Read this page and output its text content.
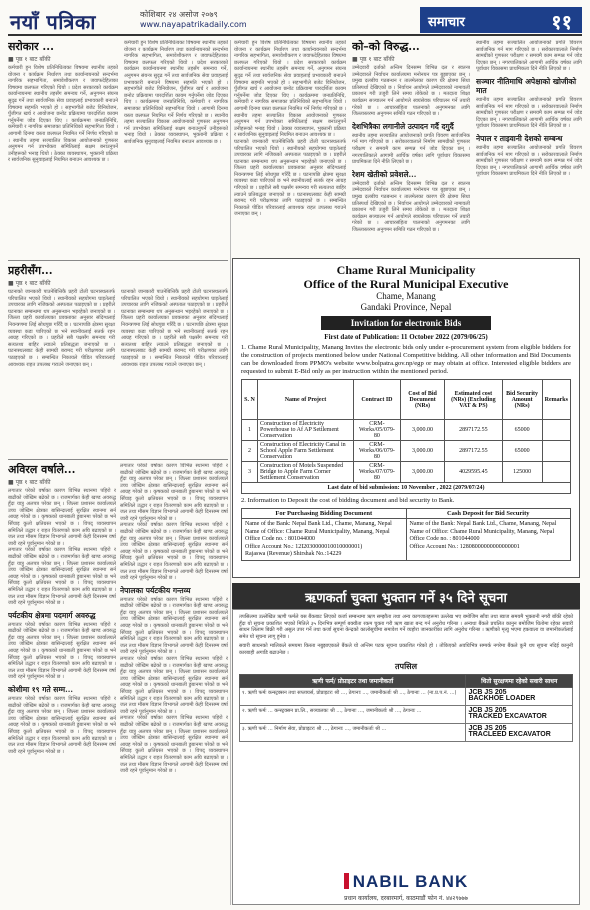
नयाँ पत्रिका	कोशिबार २४ असोज २०७९
www.nayapatrikadaily.com	समाचार	११
सरोकार ...
■ पृष्ठ १ बाट बाँकी
कर्मचारी हुन विशेष प्रतिनिधित्वका विषयमा स्थानीय तहको योजना र कार्यक्रम निर्धारण तथा कार्यान्वयनको सन्दर्भमा नागरिक सहभागिता, समावेशीकरण र जवाफदेहिताका विषयमा छलफल गरिएको थियो । प्रदेश सरकारको कार्यक्रम कार्यान्वयनमा स्थानीय तहसँग समन्वय गर्ने, अनुगमन संयन्त्र सुदृढ गर्ने तथा सार्वजनिक सेवा प्रवाहलाई प्रभावकारी बनाउने विषयमा सहमति भएको हो । सहभागीले बजेट विनियोजन, पुँजीगत खर्च र आयोजना छनोट प्रक्रियामा पारदर्शिता कायम गर्नुपर्नेमा जोड दिएका थिए । कार्यक्रममा जनप्रतिनिधि, कर्मचारी र नागरिक समाजका प्रतिनिधिको सहभागिता थियो । आगामी दिनमा यस्ता छलफल नियमित गर्ने निर्णय गरिएको छ । स्थानीय तहमा सञ्चालित विकास आयोजनाको गुणस्तर अनुगमन गर्न उपभोक्ता समितिलाई सक्षम बनाउनुपर्ने उनीहरूको भनाइ थियो । ठेक्का व्यवस्थापन, भुक्तानी प्रक्रिया र सार्वजनिक सुनुवाइलाई नियमित बनाउन आवश्यक छ ।
कर्मचारी हुन विशेष प्रतिनिधित्वका विषयमा स्थानीय तहको योजना र कार्यक्रम निर्धारण तथा कार्यान्वयनको सन्दर्भमा नागरिक सहभागिता, समावेशीकरण र जवाफदेहिताका विषयमा छलफल गरिएको थियो । प्रदेश सरकारको कार्यक्रम कार्यान्वयनमा स्थानीय तहसँग समन्वय गर्ने, अनुगमन संयन्त्र सुदृढ गर्ने तथा सार्वजनिक सेवा प्रवाहलाई प्रभावकारी बनाउने विषयमा सहमति भएको हो । सहभागीले बजेट विनियोजन, पुँजीगत खर्च र आयोजना छनोट प्रक्रियामा पारदर्शिता कायम गर्नुपर्नेमा जोड दिएका थिए । कार्यक्रममा जनप्रतिनिधि, कर्मचारी र नागरिक समाजका प्रतिनिधिको सहभागिता थियो । आगामी दिनमा यस्ता छलफल नियमित गर्ने निर्णय गरिएको छ । स्थानीय तहमा सञ्चालित विकास आयोजनाको गुणस्तर अनुगमन गर्न उपभोक्ता समितिलाई सक्षम बनाउनुपर्ने उनीहरूको भनाइ थियो । ठेक्का व्यवस्थापन, भुक्तानी प्रक्रिया र सार्वजनिक सुनुवाइलाई नियमित बनाउन आवश्यक छ ।
प्रहरीसँग...
■ पृष्ठ १ बाट बाँकी
घटनाको जानकारी पाउनेबित्तिकै प्रहरी टोली घटनास्थलतर्फ परिचालित भएको थियो । स्थानीयको सहयोगमा घाइतेलाई उपचारका लागि नजिकको अस्पताल पठाइएको छ । प्रहरीले घटनाका सम्बन्धमा थप अनुसन्धान भइरहेको जनाएको छ । जिल्ला प्रहरी कार्यालयका प्रवक्ताका अनुसार संदिग्धलाई नियन्त्रणमा लिई सोधपुछ गरिँदै छ । घटनापछि क्षेत्रमा सुरक्षा व्यवस्था कडा पारिएको छ भने स्थानीयलाई सतर्क रहन आग्रह गरिएको छ । प्रहरीले सबै पक्षसँग समन्वय गरी सत्यतथ्य बाहिर ल्याउने प्रतिबद्धता जनाएको छ । घटनास्थलबाट केही सामग्री बरामद गरी परीक्षणका लागि पठाइएको छ । सम्बन्धित निकायले पीडित परिवारलाई आवश्यक राहत उपलब्ध गराउने जनाएका छन् ।
घटनाको जानकारी पाउनेबित्तिकै प्रहरी टोली घटनास्थलतर्फ परिचालित भएको थियो । स्थानीयको सहयोगमा घाइतेलाई उपचारका लागि नजिकको अस्पताल पठाइएको छ । प्रहरीले घटनाका सम्बन्धमा थप अनुसन्धान भइरहेको जनाएको छ । जिल्ला प्रहरी कार्यालयका प्रवक्ताका अनुसार संदिग्धलाई नियन्त्रणमा लिई सोधपुछ गरिँदै छ । घटनापछि क्षेत्रमा सुरक्षा व्यवस्था कडा पारिएको छ भने स्थानीयलाई सतर्क रहन आग्रह गरिएको छ । प्रहरीले सबै पक्षसँग समन्वय गरी सत्यतथ्य बाहिर ल्याउने प्रतिबद्धता जनाएको छ । घटनास्थलबाट केही सामग्री बरामद गरी परीक्षणका लागि पठाइएको छ । सम्बन्धित निकायले पीडित परिवारलाई आवश्यक राहत उपलब्ध गराउने जनाएका छन् ।
अविरल वर्षाले...
■ पृष्ठ १ बाट बाँकी
लगातार परेको वर्षाका कारण विभिन्न स्थानमा पहिरो र बाढीको जोखिम बढेको छ । राजमार्गका केही खण्ड अवरुद्ध हुँदा यात्रु अलपत्र परेका छन् । जिल्ला प्रशासन कार्यालयले उच्च जोखिम क्षेत्रका बासिन्दालाई सुरक्षित स्थानमा सर्न आग्रह गरेको छ । कृषकको धानबाली डुबानमा परेको छ भने सिँचाइ कुलो क्षतिग्रस्त भएको छ । विपद् व्यवस्थापन समितिले उद्धार र राहत वितरणको काम अघि बढाएको छ । जल तथा मौसम विज्ञान विभागले आगामी केही दिनसम्म वर्षा जारी रहने पूर्वानुमान गरेको छ ।
लगातार परेको वर्षाका कारण विभिन्न स्थानमा पहिरो र बाढीको जोखिम बढेको छ । राजमार्गका केही खण्ड अवरुद्ध हुँदा यात्रु अलपत्र परेका छन् । जिल्ला प्रशासन कार्यालयले उच्च जोखिम क्षेत्रका बासिन्दालाई सुरक्षित स्थानमा सर्न आग्रह गरेको छ । कृषकको धानबाली डुबानमा परेको छ भने सिँचाइ कुलो क्षतिग्रस्त भएको छ । विपद् व्यवस्थापन समितिले उद्धार र राहत वितरणको काम अघि बढाएको छ । जल तथा मौसम विज्ञान विभागले आगामी केही दिनसम्म वर्षा जारी रहने पूर्वानुमान गरेको छ ।
पर्यटकीय क्षेत्रमा पदमार्ग अवरुद्ध
लगातार परेको वर्षाका कारण विभिन्न स्थानमा पहिरो र बाढीको जोखिम बढेको छ । राजमार्गका केही खण्ड अवरुद्ध हुँदा यात्रु अलपत्र परेका छन् । जिल्ला प्रशासन कार्यालयले उच्च जोखिम क्षेत्रका बासिन्दालाई सुरक्षित स्थानमा सर्न आग्रह गरेको छ । कृषकको धानबाली डुबानमा परेको छ भने सिँचाइ कुलो क्षतिग्रस्त भएको छ । विपद् व्यवस्थापन समितिले उद्धार र राहत वितरणको काम अघि बढाएको छ । जल तथा मौसम विज्ञान विभागले आगामी केही दिनसम्म वर्षा जारी रहने पूर्वानुमान गरेको छ ।
कोशीमा १९ गते सम्म...
लगातार परेको वर्षाका कारण विभिन्न स्थानमा पहिरो र बाढीको जोखिम बढेको छ । राजमार्गका केही खण्ड अवरुद्ध हुँदा यात्रु अलपत्र परेका छन् । जिल्ला प्रशासन कार्यालयले उच्च जोखिम क्षेत्रका बासिन्दालाई सुरक्षित स्थानमा सर्न आग्रह गरेको छ । कृषकको धानबाली डुबानमा परेको छ भने सिँचाइ कुलो क्षतिग्रस्त भएको छ । विपद् व्यवस्थापन समितिले उद्धार र राहत वितरणको काम अघि बढाएको छ । जल तथा मौसम विज्ञान विभागले आगामी केही दिनसम्म वर्षा जारी रहने पूर्वानुमान गरेको छ ।
लगातार परेको वर्षाका कारण विभिन्न स्थानमा पहिरो र बाढीको जोखिम बढेको छ । राजमार्गका केही खण्ड अवरुद्ध हुँदा यात्रु अलपत्र परेका छन् । जिल्ला प्रशासन कार्यालयले उच्च जोखिम क्षेत्रका बासिन्दालाई सुरक्षित स्थानमा सर्न आग्रह गरेको छ । कृषकको धानबाली डुबानमा परेको छ भने सिँचाइ कुलो क्षतिग्रस्त भएको छ । विपद् व्यवस्थापन समितिले उद्धार र राहत वितरणको काम अघि बढाएको छ । जल तथा मौसम विज्ञान विभागले आगामी केही दिनसम्म वर्षा जारी रहने पूर्वानुमान गरेको छ ।
लगातार परेको वर्षाका कारण विभिन्न स्थानमा पहिरो र बाढीको जोखिम बढेको छ । राजमार्गका केही खण्ड अवरुद्ध हुँदा यात्रु अलपत्र परेका छन् । जिल्ला प्रशासन कार्यालयले उच्च जोखिम क्षेत्रका बासिन्दालाई सुरक्षित स्थानमा सर्न आग्रह गरेको छ । कृषकको धानबाली डुबानमा परेको छ भने सिँचाइ कुलो क्षतिग्रस्त भएको छ । विपद् व्यवस्थापन समितिले उद्धार र राहत वितरणको काम अघि बढाएको छ । जल तथा मौसम विज्ञान विभागले आगामी केही दिनसम्म वर्षा जारी रहने पूर्वानुमान गरेको छ ।
नेपालका पर्यटकीय गन्तव्य
लगातार परेको वर्षाका कारण विभिन्न स्थानमा पहिरो र बाढीको जोखिम बढेको छ । राजमार्गका केही खण्ड अवरुद्ध हुँदा यात्रु अलपत्र परेका छन् । जिल्ला प्रशासन कार्यालयले उच्च जोखिम क्षेत्रका बासिन्दालाई सुरक्षित स्थानमा सर्न आग्रह गरेको छ । कृषकको धानबाली डुबानमा परेको छ भने सिँचाइ कुलो क्षतिग्रस्त भएको छ । विपद् व्यवस्थापन समितिले उद्धार र राहत वितरणको काम अघि बढाएको छ । जल तथा मौसम विज्ञान विभागले आगामी केही दिनसम्म वर्षा जारी रहने पूर्वानुमान गरेको छ ।
लगातार परेको वर्षाका कारण विभिन्न स्थानमा पहिरो र बाढीको जोखिम बढेको छ । राजमार्गका केही खण्ड अवरुद्ध हुँदा यात्रु अलपत्र परेका छन् । जिल्ला प्रशासन कार्यालयले उच्च जोखिम क्षेत्रका बासिन्दालाई सुरक्षित स्थानमा सर्न आग्रह गरेको छ । कृषकको धानबाली डुबानमा परेको छ भने सिँचाइ कुलो क्षतिग्रस्त भएको छ । विपद् व्यवस्थापन समितिले उद्धार र राहत वितरणको काम अघि बढाएको छ । जल तथा मौसम विज्ञान विभागले आगामी केही दिनसम्म वर्षा जारी रहने पूर्वानुमान गरेको छ ।
लगातार परेको वर्षाका कारण विभिन्न स्थानमा पहिरो र बाढीको जोखिम बढेको छ । राजमार्गका केही खण्ड अवरुद्ध हुँदा यात्रु अलपत्र परेका छन् । जिल्ला प्रशासन कार्यालयले उच्च जोखिम क्षेत्रका बासिन्दालाई सुरक्षित स्थानमा सर्न आग्रह गरेको छ । कृषकको धानबाली डुबानमा परेको छ भने सिँचाइ कुलो क्षतिग्रस्त भएको छ । विपद् व्यवस्थापन समितिले उद्धार र राहत वितरणको काम अघि बढाएको छ । जल तथा मौसम विज्ञान विभागले आगामी केही दिनसम्म वर्षा जारी रहने पूर्वानुमान गरेको छ ।
कर्मचारी हुन विशेष प्रतिनिधित्वका विषयमा स्थानीय तहको योजना र कार्यक्रम निर्धारण तथा कार्यान्वयनको सन्दर्भमा नागरिक सहभागिता, समावेशीकरण र जवाफदेहिताका विषयमा छलफल गरिएको थियो । प्रदेश सरकारको कार्यक्रम कार्यान्वयनमा स्थानीय तहसँग समन्वय गर्ने, अनुगमन संयन्त्र सुदृढ गर्ने तथा सार्वजनिक सेवा प्रवाहलाई प्रभावकारी बनाउने विषयमा सहमति भएको हो । सहभागीले बजेट विनियोजन, पुँजीगत खर्च र आयोजना छनोट प्रक्रियामा पारदर्शिता कायम गर्नुपर्नेमा जोड दिएका थिए । कार्यक्रममा जनप्रतिनिधि, कर्मचारी र नागरिक समाजका प्रतिनिधिको सहभागिता थियो । आगामी दिनमा यस्ता छलफल नियमित गर्ने निर्णय गरिएको छ । स्थानीय तहमा सञ्चालित विकास आयोजनाको गुणस्तर अनुगमन गर्न उपभोक्ता समितिलाई सक्षम बनाउनुपर्ने उनीहरूको भनाइ थियो । ठेक्का व्यवस्थापन, भुक्तानी प्रक्रिया र सार्वजनिक सुनुवाइलाई नियमित बनाउन आवश्यक छ ।
घटनाको जानकारी पाउनेबित्तिकै प्रहरी टोली घटनास्थलतर्फ परिचालित भएको थियो । स्थानीयको सहयोगमा घाइतेलाई उपचारका लागि नजिकको अस्पताल पठाइएको छ । प्रहरीले घटनाका सम्बन्धमा थप अनुसन्धान भइरहेको जनाएको छ । जिल्ला प्रहरी कार्यालयका प्रवक्ताका अनुसार संदिग्धलाई नियन्त्रणमा लिई सोधपुछ गरिँदै छ । घटनापछि क्षेत्रमा सुरक्षा व्यवस्था कडा पारिएको छ भने स्थानीयलाई सतर्क रहन आग्रह गरिएको छ । प्रहरीले सबै पक्षसँग समन्वय गरी सत्यतथ्य बाहिर ल्याउने प्रतिबद्धता जनाएको छ । घटनास्थलबाट केही सामग्री बरामद गरी परीक्षणका लागि पठाइएको छ । सम्बन्धित निकायले पीडित परिवारलाई आवश्यक राहत उपलब्ध गराउने जनाएका छन् ।
को–को विरुद्ध...
■ पृष्ठ १ बाट बाँकी
उम्मेदवारी दर्ताको अन्तिम दिनसम्म विभिन्न दल र स्वतन्त्र उम्मेदवारले निर्वाचन कार्यालयमा मनोनयन पत्र बुझाएका छन् । प्रमुख दलबीच गठबन्धन र तालमेलका कारण धेरै क्षेत्रमा सिधा प्रतिस्पर्धा देखिएको छ । निर्वाचन आयोगले उम्मेदवारको नामावली प्रकाशन गरी उजुरी लिने समय तोकेको छ । मतदाता शिक्षा कार्यक्रम सञ्चालन गर्न आयोगले स्वयंसेवक परिचालन गर्ने तयारी गरेको छ । आचारसंहिता पालनाको अनुगमनका लागि जिल्लास्तरमा अनुगमन समिति गठन गरिएको छ ।
देशभित्रैका लगानीले उत्पादन गर्दै दगुर्दै
स्थानीय तहमा सञ्चालित आयोजनाको प्रगति विवरण सार्वजनिक गर्न माग गरिएको छ । सरोकारवालाले निर्माण सामग्रीको गुणस्तर परीक्षण र समयमै काम सम्पन्न गर्न जोड दिएका छन् । नगरपालिकाले आगामी आर्थिक वर्षका लागि पूर्वाधार विकासमा प्राथमिकता दिने नीति लिएको छ ।
रेशम खेतीको प्रवेशले...
उम्मेदवारी दर्ताको अन्तिम दिनसम्म विभिन्न दल र स्वतन्त्र उम्मेदवारले निर्वाचन कार्यालयमा मनोनयन पत्र बुझाएका छन् । प्रमुख दलबीच गठबन्धन र तालमेलका कारण धेरै क्षेत्रमा सिधा प्रतिस्पर्धा देखिएको छ । निर्वाचन आयोगले उम्मेदवारको नामावली प्रकाशन गरी उजुरी लिने समय तोकेको छ । मतदाता शिक्षा कार्यक्रम सञ्चालन गर्न आयोगले स्वयंसेवक परिचालन गर्ने तयारी गरेको छ । आचारसंहिता पालनाको अनुगमनका लागि जिल्लास्तरमा अनुगमन समिति गठन गरिएको छ ।
स्थानीय तहमा सञ्चालित आयोजनाको प्रगति विवरण सार्वजनिक गर्न माग गरिएको छ । सरोकारवालाले निर्माण सामग्रीको गुणस्तर परीक्षण र समयमै काम सम्पन्न गर्न जोड दिएका छन् । नगरपालिकाले आगामी आर्थिक वर्षका लागि पूर्वाधार विकासमा प्राथमिकता दिने नीति लिएको छ ।
सञ्चार नीतिमाथि अपेक्षाको खोजीको मात
स्थानीय तहमा सञ्चालित आयोजनाको प्रगति विवरण सार्वजनिक गर्न माग गरिएको छ । सरोकारवालाले निर्माण सामग्रीको गुणस्तर परीक्षण र समयमै काम सम्पन्न गर्न जोड दिएका छन् । नगरपालिकाले आगामी आर्थिक वर्षका लागि पूर्वाधार विकासमा प्राथमिकता दिने नीति लिएको छ ।
नेपाल र ताइवानी देशको सम्बन्ध
स्थानीय तहमा सञ्चालित आयोजनाको प्रगति विवरण सार्वजनिक गर्न माग गरिएको छ । सरोकारवालाले निर्माण सामग्रीको गुणस्तर परीक्षण र समयमै काम सम्पन्न गर्न जोड दिएका छन् । नगरपालिकाले आगामी आर्थिक वर्षका लागि पूर्वाधार विकासमा प्राथमिकता दिने नीति लिएको छ ।
Chame Rural Municipality
Office of the Rural Municipal Executive
Chame, Manang
Gandaki Province, Nepal
Invitation for electronic Bids
First date of Publication: 11 October 2022 (2079/06/25)
1. Chame Rural Municipality, Manang Invites the electronic bids only under e-procurement system from eligible bidders for the construction of projects mentioned below under National Competitive bidding. All other information and Bid Documents can be downloaded from PPMO's website www.bolpatra.gov.np/egp or may obtain at office. Interested eligible bidders are requested to submit E-Bid only as per instruction within the mentioned period.
S. N	Name of Project	Contract ID	Cost of Bid Document (NRs)	Estimated cost (NRs) (Excluding VAT & PS)	Bid Security Amount (NRs)	Remarks
1	Construction of Electricity Powerhouse to Af AP Settlement Conservation	CRM-Works/05/079-80	3,000.00	2897172.55	65000	
2	Construction of Electricity Canal in School Apple Farm Settlement Conservation	CRM-Works/06/079-80	3,000.00	2897172.55	65000	
3	Construction of Motels Suspended Bridge to Apple Farm Corner Settlement Conservation	CRM-Works/07/079-80	3,000.00	4029595.45	125000	
Last date of bid submission: 10 November , 2022 (2079/07/24)						
2. Information to Deposit the cost of bidding document and bid security to Bank.
For Purchasing Bidding Document
Name of the Bank: Nepal Bank Ltd., Chame, Manang, Nepal
Name of Office: Chame Rural Municipality, Manang, Nepal
Office Code no. : 801044000
Office Account No.: 12I2030000010010000001)
Rajaswa (Revenue) Shirshak No.:14229
Cash Deposit for Bid Security
Name of the Bank: Nepal Bank Ltd., Chame, Manang, Nepal
Name of Office: Chame Rural Municipality, Manang, Nepal
Office Code no. : 801044000
Office Account No.: 12808000000000000001
ऋणकर्ता चुक्ता भुक्तान गर्ने ३५ दिने सूचना
तपसिलमा उल्लेखित ऋणी फर्मले यस बैंकबाट लिएको कर्जा सम्बन्धमा ऋण सम्झौता तथा अन्य कागजातहरूमा उल्लेख भए बमोजिम साँवा तथा ब्याज समयमै भुक्तानी नगरी बाँकी रहेको हुँदा यो सूचना प्रकाशित भएको मितिले ३५ दिनभित्र सम्पूर्ण बक्यौता रकम चुक्ता गरी ऋण खाता बन्द गर्न अनुरोध गरिन्छ । अन्यथा बैंकले प्रचलित कानुन बमोजिम धितोमा रहेका सवारी साधन लिलाम बिक्री गरी असुल उपर गर्ने तथा कर्जा सूचना केन्द्रको कालोसूचीमा समावेश गर्ने व्यहोरा जानकारीका लागि अनुरोध गरिन्छ । ऋणीको मृत्यु भएमा हकवाला वा जमानीकर्तालाई समेत यो सूचना लागू हुनेछ ।
सवारी साधनको मालिकले समयमा किस्ता नबुझाएकाले बैंकले यो अन्तिम पटक सूचना प्रकाशित गरेको हो । तोकिएको अवधिभित्र सम्पर्क नगरेमा बैंकले कुनै थप सूचना नदिई कानुनी कारबाही अगाडि बढाउनेछ ।
तपसिल
ऋणी फर्म/ प्रोप्राइटर तथा जमानीकर्ता	धितो सुरक्षणमा रहेको सवारी साधन
१. ऋणी फर्मः कन्स्ट्रक्सन तथा सप्लायर्स, प्रोप्राइटरः श्री ..., ठेगानाः ..., जमानीकर्ताः श्री ..., ठेगानाः ... (ना.प्र.प.नं. ...)	JCB JS 205
BACKHOE LOADER

२. ऋणी फर्मः ... कन्स्ट्रक्सन प्रा.लि., सञ्चालकः श्री ..., ठेगानाः ..., जमानीकर्ताः श्री ..., ठेगानाः ...	JCB JS 205
TRACKED EXCAVATOR

३. ऋणी फर्मः ... निर्माण सेवा, प्रोप्राइटरः श्री ..., ठेगानाः ..., जमानीकर्ताः श्री ...	JCB JS 205
TRACLEED EXCAVATOR
NABIL BANK
प्रधान कार्यालय, दरबारमार्ग, काठमाडौं फोन नं. ४४२९७७७
